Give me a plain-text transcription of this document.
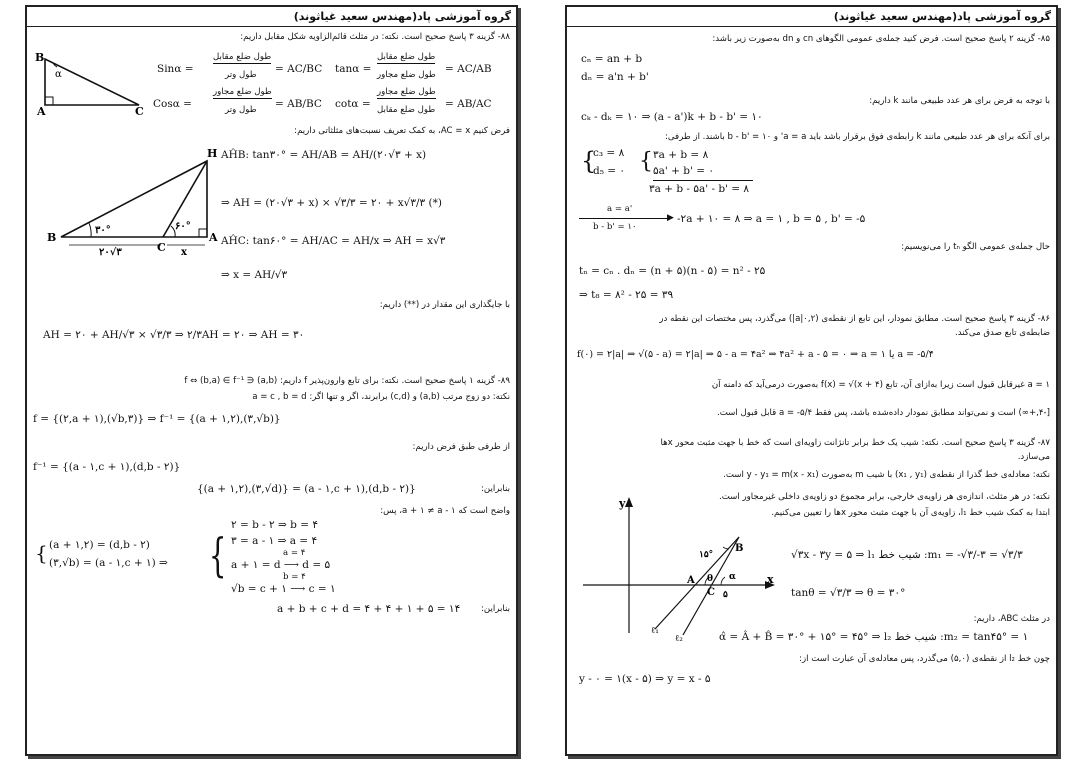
گروه آموزشی پاد(مهندس سعید غیاثوند)
۸۸- گزینه ۳ پاسخ صحیح است. نکته: در مثلث قائم‌الزاویه شکل مقابل داریم:
B
α
A	C
Sinα =
طول ضلع مقابل
طول وتر = AC/BC tanα =
طول ضلع مقابل
طول ضلع مجاور = AC/AB
Cosα =
طول ضلع مجاور
طول وتر = AB/BC cotα =
طول ضلع مجاور
طول ضلع مقابل = AB/AC
فرض کنیم AC = x، به کمک تعریف نسبت‌های مثلثاتی داریم:
H
B
۳۰°	۶۰°
C
A
۲۰√۳	x
AĤB: tan۳۰° = AH/AB = AH/(۲۰√۳ + x)
⇒ AH = (۲۰√۳ + x) × √۳/۳ = ۲۰ + x√۳/۳ (*)
AĤC: tan۶۰° = AH/AC = AH/x ⇒ AH = x√۳
⇒ x = AH/√۳
با جایگذاری این مقدار در (**) داریم:
AH = ۲۰ + AH/√۳ × √۳/۳ ⇒ ۲/۳AH = ۲۰ ⇒ AH = ۳۰
۸۹- گزینه ۱ پاسخ صحیح است. نکته: برای تابع وارون‌پذیر f داریم: (a,b) ∈ f ⇔ (b,a) ∈ f⁻¹
نکته: دو زوج مرتب (a,b) و (c,d) برابرند، اگر و تنها اگر: a = c , b = d
f = {(۲,a + ۱),(√b,۳)} ⇒ f⁻¹ = {(a + ۱,۲),(۳,√b)}
از طرفی طبق فرض داریم:
f⁻¹ = {(a - ۱,c + ۱),(d,b - ۲)}
بنابراین:
{(a + ۱,۲),(۳,√d)} = (a - ۱,c + ۱),(d,b - ۲)}
واضح است که a + ۱ ≠ a - ۱، پس:
{ (a + ۱,۲) = (d,b - ۲)
(۳,√b) = (a - ۱,c + ۱) ⇒ {
۲ = b - ۲ ⇒ b = ۴
۳ = a - ۱ ⇒ a = ۴
a = ۴
a + ۱ = d ⟶ d = ۵
b = ۴
√b = c + ۱ ⟶ c = ۱
بنابراین:
a + b + c + d = ۴ + ۴ + ۱ + ۵ = ۱۴
گروه آموزشی پاد(مهندس سعید غیاثوند)
۸۵- گزینه ۲ پاسخ صحیح است. فرض کنید جمله‌ی عمومی الگوهای cn و dn به‌صورت زیر باشد:
cₙ = an + b
dₙ = a'n + b'
با توجه به فرض برای هر عدد طبیعی مانند k داریم:
cₖ - dₖ = ۱۰ ⇒ (a - a')k + b - b' = ۱۰
برای آنکه برای هر عدد طبیعی مانند k رابطه‌ی فوق برقرار باشد باید a = a' و b - b' = ۱۰ باشند. از طرفی:
{
c₃ = ۸
d₅ = ۰ { ۳a + b = ۸
۵a' + b' = ۰
۳a + b - ۵a' - b' = ۸
a = a'
▶
b - b' = ۱۰
-۲a + ۱۰ = ۸ ⇒ a = ۱ , b = ۵ , b' = -۵
حال جمله‌ی عمومی الگو tₙ را می‌نویسیم:
tₙ = cₙ . dₙ = (n + ۵)(n - ۵) = n² - ۲۵
⇒ t₈ = ۸² - ۲۵ = ۳۹
۸۶- گزینه ۳ پاسخ صحیح است. مطابق نمودار، این تابع از نقطه‌ی (۰,۲|a|) می‌گذرد، پس مختصات این نقطه در
ضابطه‌ی تابع صدق می‌کند.
f(۰) = ۲|a| ⇒ √(۵ - a) = ۲|a| ⇒ ۵ - a = ۴a² ⇒ ۴a² + a - ۵ = ۰ ⇒ a = ۱ یا a = -۵/۴
a = ۱ غیرقابل قبول است زیرا به‌ازای آن، تابع f(x) = √(x + ۴) به‌صورت درمی‌آید که دامنه‌ آن
[-۴,+∞) است و نمی‌تواند مطابق نمودار داده‌شده باشد، پس فقط a = -۵/۴ قابل قبول است.
۸۷- گزینه ۳ پاسخ صحیح است. نکته: شیب یک خط برابر تانژانت زاویه‌ای است که خط با جهت مثبت محور xها
می‌سازد.
نکته: معادله‌ی خط گذرا از نقطه‌ی (x₁ , y₁) با شیب m به‌صورت y - y₁ = m(x - x₁) است.
نکته: در هر مثلث، اندازه‌ی هر زاویه‌ی خارجی، برابر مجموع دو زاویه‌ی داخلی غیرمجاور است.
ابتدا به کمک شیب خط l₁، زاویه‌ی آن با جهت مثبت محور xها را تعیین می‌کنیم.
y
x
B
۱۵°
A θ α
C ۵
ℓ₁
ℓ₂
√۳x - ۳y = ۵ ⇒ l₁ شیب خط :m₁ = -√۳/-۳ = √۳/۳
tanθ = √۳/۳ ⇒ θ = ۳۰°
در مثلث ABC، داریم:
α̂ = Â + B̂ = ۳۰° + ۱۵° = ۴۵° ⇒ l₂ شیب خط :m₂ = tan۴۵° = ۱
چون خط l₂ از نقطه‌ی (۵,۰) می‌گذرد، پس معادله‌ی آن عبارت است از:
y - ۰ = ۱(x - ۵) ⇒ y = x - ۵
